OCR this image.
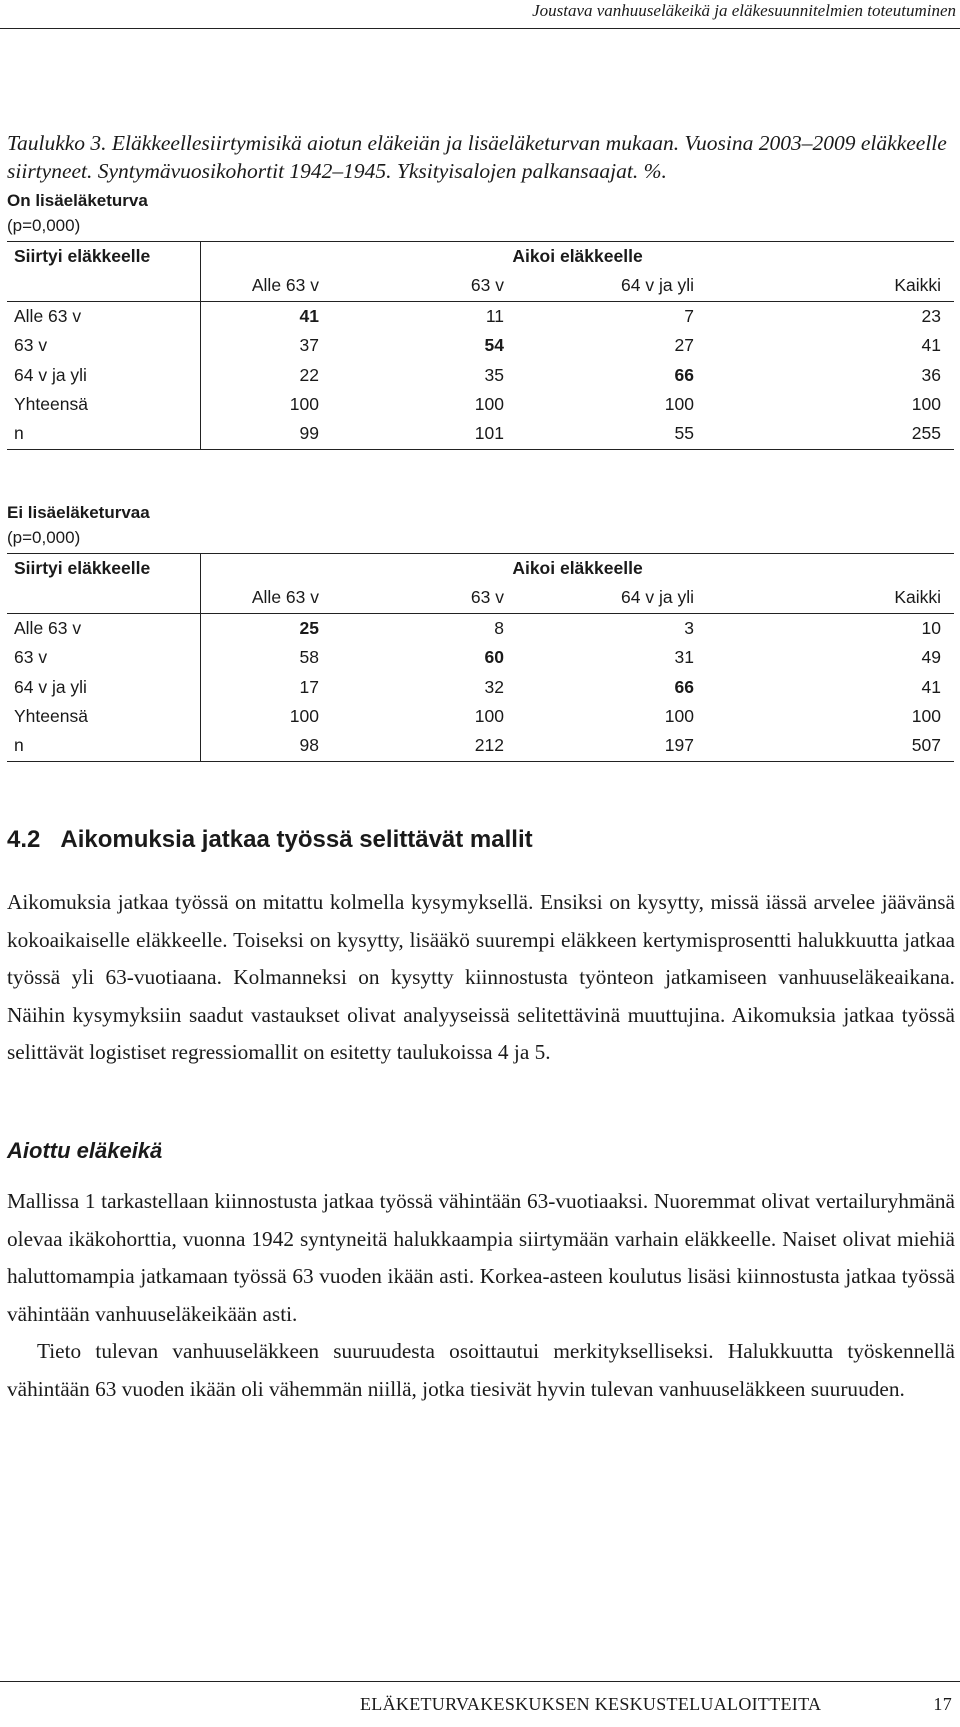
Joustava vanhuuseläkeikä ja eläkesuunnitelmien toteutuminen
Taulukko 3. Eläkkeellesiirtymisikä aiotun eläkeiän ja lisäeläketurvan mukaan. Vuosina 2003–2009 eläkkeelle siirtyneet. Syntymävuosikohortit 1942–1945. Yksityisalojen palkansaajat. %.
On lisäeläketurva
(p=0,000)
Siirtyi eläkkeelle	Aikoi eläkkeelle			
	Alle 63 v	63 v	64 v ja yli	Kaikki
Alle 63 v	41	11	7	23
63 v	37	54	27	41
64 v ja yli	22	35	66	36
Yhteensä	100	100	100	100
n	99	101	55	255
Ei lisäeläketurvaa
(p=0,000)
Siirtyi eläkkeelle	Aikoi eläkkeelle			
	Alle 63 v	63 v	64 v ja yli	Kaikki
Alle 63 v	25	8	3	10
63 v	58	60	31	49
64 v ja yli	17	32	66	41
Yhteensä	100	100	100	100
n	98	212	197	507
4.2 Aikomuksia jatkaa työssä selittävät mallit

Aikomuksia jatkaa työssä on mitattu kolmella kysymyksellä. Ensiksi on kysytty, missä iässä arvelee jäävänsä kokoaikaiselle eläkkeelle. Toiseksi on kysytty, lisääkö suurempi eläkkeen kertymisprosentti halukkuutta jatkaa työssä yli 63-vuotiaana. Kolmanneksi on kysytty kiinnostusta työnteon jatkamiseen vanhuuseläkeaikana. Näihin kysymyksiin saadut vastaukset olivat analyyseissä selitettävinä muuttujina. Aikomuksia jatkaa työssä selittävät logistiset regressiomallit on esitetty taulukoissa 4 ja 5.

Aiottu eläkeikä

Mallissa 1 tarkastellaan kiinnostusta jatkaa työssä vähintään 63-vuotiaaksi. Nuoremmat olivat vertailuryhmänä olevaa ikäkohorttia, vuonna 1942 syntyneitä halukkaampia siirtymään varhain eläkkeelle. Naiset olivat miehiä haluttomampia jatkamaan työssä 63 vuoden ikään asti. Korkea-asteen koulutus lisäsi kiinnostusta jatkaa työssä vähintään vanhuuseläkeikään asti.

Tieto tulevan vanhuuseläkkeen suuruudesta osoittautui merkitykselliseksi. Halukkuutta työskennellä vähintään 63 vuoden ikään oli vähemmän niillä, jotka tiesivät hyvin tulevan vanhuuseläkkeen suuruuden.

ELÄKETURVAKESKUKSEN KESKUSTELUALOITTEITA	17
